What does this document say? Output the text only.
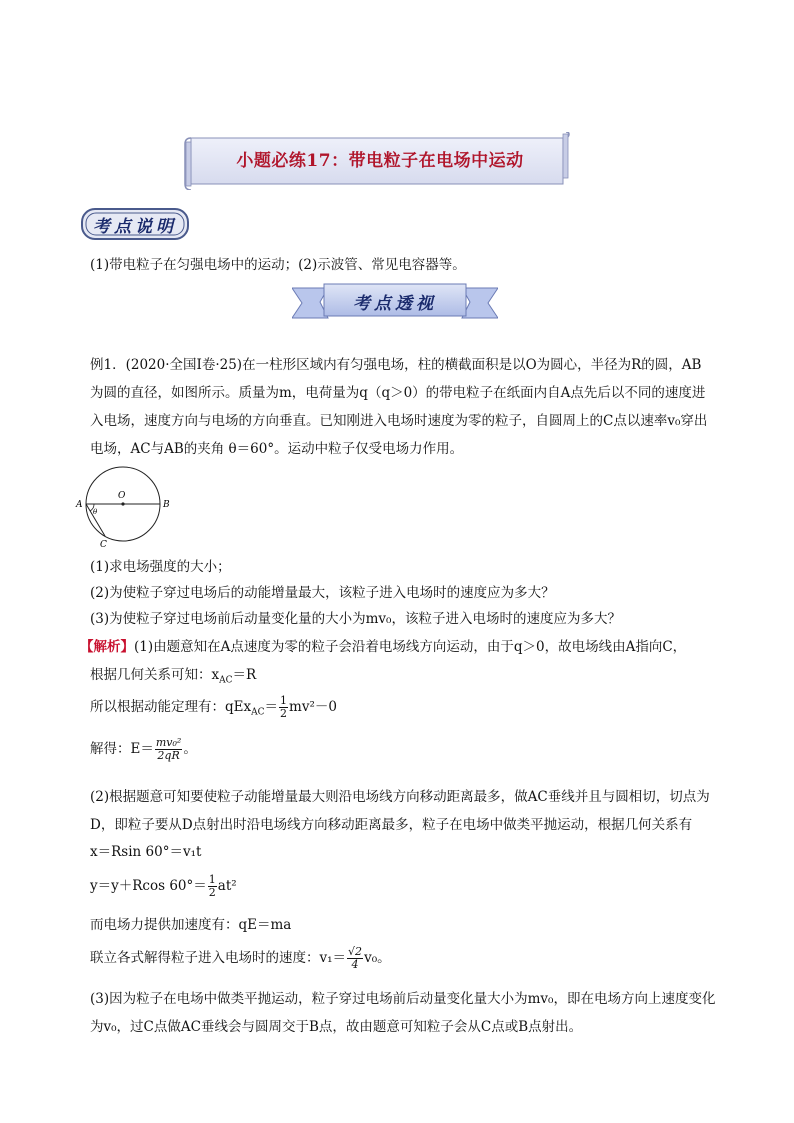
小题必练17：带电粒子在电场中运动
考点说明
(1)带电粒子在匀强电场中的运动；(2)示波管、常见电容器等。
考点透视
例1．(2020·全国Ⅰ卷·25)在一柱形区域内有匀强电场，柱的横截面积是以O为圆心，半径为R的圆，AB
为圆的直径，如图所示。质量为m，电荷量为q（q＞0）的带电粒子在纸面内自A点先后以不同的速度进
入电场，速度方向与电场的方向垂直。已知刚进入电场时速度为零的粒子，自圆周上的C点以速率v₀穿出
电场，AC与AB的夹角 θ＝60°。运动中粒子仅受电场力作用。
O
A	B
C
θ
(1)求电场强度的大小；
(2)为使粒子穿过电场后的动能增量最大，该粒子进入电场时的速度应为多大？
(3)为使粒子穿过电场前后动量变化量的大小为mv₀，该粒子进入电场时的速度应为多大？
【解析】(1)由题意知在A点速度为零的粒子会沿着电场线方向运动，由于q＞0，故电场线由A指向C，
根据几何关系可知：$x_{AC}=R$
所以根据动能定理有：$qEx_{AC}= \frac{1}{2} mv^2-0$
解得：$E= \frac{\text{mv₀²}}{2qR}$ 。
(2)根据题意可知要使粒子动能增量最大则沿电场线方向移动距离最多，做AC垂线并且与圆相切，切点为
D，即粒子要从D点射出时沿电场线方向移动距离最多，粒子在电场中做类平抛运动，根据几何关系有
x＝Rsin 60°＝v₁t
y＝y＋Rcos $60^\circ= \frac{1}{2} at^2$
而电场力提供加速度有：qE＝ma
联立各式解得粒子进入电场时的速度：$v_1= \frac{√2}{4} v_0$。
(3)因为粒子在电场中做类平抛运动，粒子穿过电场前后动量变化量大小为mv₀，即在电场方向上速度变化
为v₀，过C点做AC垂线会与圆周交于B点，故由题意可知粒子会从C点或B点射出。
